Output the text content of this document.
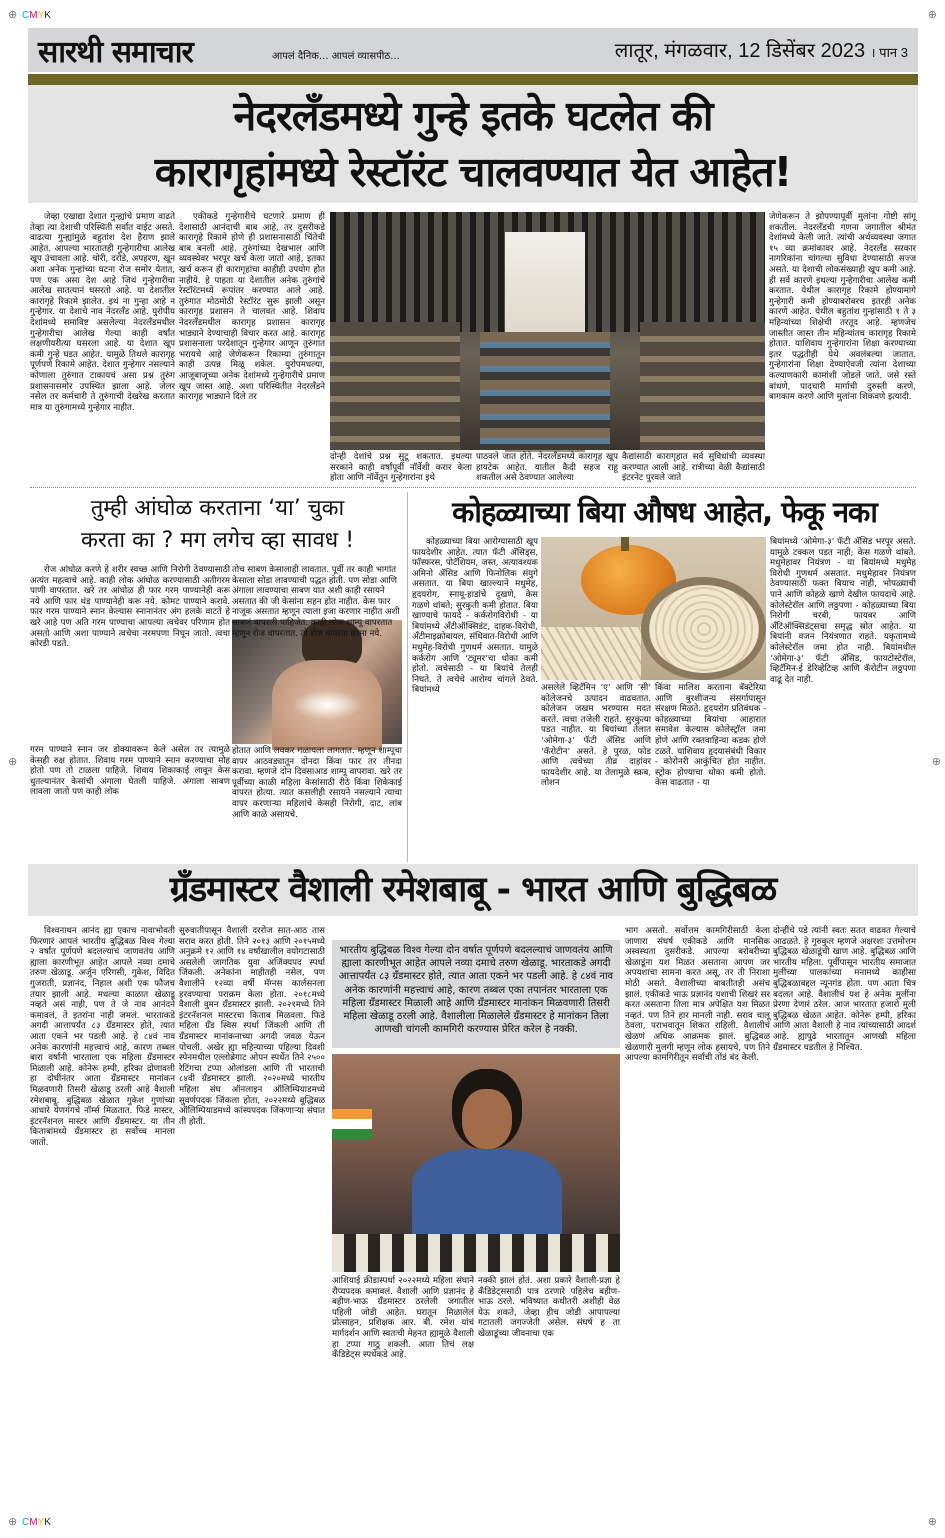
⊕ CMYK	⊕
⊕	⊕
⊕ CMYK	⊕
सारथी समाचार	आपलं दैनिक... आपलं व्यासपीठ...	लातूर, मंगळवार, 12 डिसेंबर 2023 । पान 3
नेदरलँडमध्ये गुन्हे इतके घटलेत की
कारागृहांमध्ये रेस्टॉरंट चालवण्यात येत आहेत!
जेव्हा एखाद्या देशात गुन्ह्यांचे प्रमाण वाढते तेव्हा त्या देशाची परिस्थिती सर्वांत वाईट असते. वाढत्या गुन्ह्यांमुळे बहुतांश देश हैराण झाले आहेत. आपल्या भारतातही गुन्हेगारीचा आलेख खूप उंचावला आहे. चोरी, दरोडे, अपहरण, खून अशा अनेक गुन्हांच्या घटना रोज समोर येतात, पण एक असा देश आहे जिथं गुन्हेगारीचा आलेख सातत्यानं घसरतो आहे. या देशातील कारागृहे रिकामे झालेत. इथं ना गुन्हा आहे न गुन्हेगार. या देशाचे नाव नेदरलँड आहे. युरोपीय देशांमध्ये समाविष्ट असलेल्या नेदरलँडमधील गुन्हेगारीचा आलेख गेल्या काही वर्षांत लक्षणीयरीत्या घसरला आहे. या देशात खूप कमी गुन्हे घडत आहेत. यामुळे तिथले कारागृह पूर्णपणे रिकामे आहेत. देशात गुन्हेगार नसल्याने कोणाला तुरुंगात टाकायचं असा प्रश्न तुरुंग प्रशासनासमोर उपस्थित झाला आहे. जेलर नसेल तर कर्मचारी ते तुरुंगाची देखरेख करतात मात्र या तुरुंगामध्ये गुन्हेगार नाहीत.
एकीकडे गुन्हेगारीचे घटणारे प्रमाण ही देशासाठी आनंदाची बाब आहे, तर दुसरीकडे कारागृहे रिकामे होणे ही प्रशासनासाठी चिंतेची बाब बनली आहे. तुरुंगांच्या देखभाल आणि व्यवस्थेवर भरपूर खर्च केला जातो आहे, इतका खर्च करून ही कारागृहांचा काहीही उपयोग होत नाहीये. हे पाहता या देशातील अनेक तुरुंगांचे रेस्टॉरंटमध्ये रूपांतर करण्यात आले आहे. तुरुंगात मोठमोठी रेस्टॉरंट सुरू झाली असून कारागृह प्रशासन ते चालवत आहे. शिवाय नेदरलँडमधील कारागृह प्रशासन कारागृह भाड्याने देण्याचाही विचार करत आहे. कारागृह प्रशासनाला परदेशातून गुन्हेगार आणून तुरुंगात भरायचे आहे जेणेकरून रिकाम्या तुरुंगातून काही उत्पन्न मिळू शकेल. युरोपमधल्या, आजूबाजूच्या अनेक देशांमध्ये गुन्हेगारीचे प्रमाण खूप जास्त आहे. अशा परिस्थितीत नेदरलँडने कारागृह भाड्याने दिले तर
दोन्ही देशांचे प्रश्न सुटू शकतात. इथल्या सरकाने काही वर्षांपूर्वी नॉर्वेशी करार केला होता आणि नॉर्वेतून गुन्हेगारांना इथे
पाठवले जात होते. नेदरलँडमध्ये कारागृह खूप हायटेक आहेत. यातील कैदी सहज राहू शकतील असे ठेवण्यात आलेल्या
कैद्यांसाठी कारागृहात सर्व सुविधांची व्यवस्था करण्यात आली आहे. रात्रीच्या वेळी कैद्यांसाठी इंटरनेट पुरवले जाते
जेणेकरून ते झोपण्यापूर्वी मुलांना गोष्टी सांगू शकतील. नेदरलँडची गणना जगातील श्रीमंत देशांमध्ये केली जाते. त्यांची अर्थव्यवस्था जगात १५ व्या क्रमांकावर आहे. नेदरलँड सरकार नागरिकांना चांगल्या सुविधा देण्यासाठी सज्ज असते. या देशाची लोकसंख्याही खूप कमी आहे. ही सर्व कारणे इथल्या गुन्हेगारीचा आलेख कमी करतात. येथील कारागृह रिकामे होण्यामागे गुन्हेगारी कमी होण्याबरोबरच इतरही अनेक कारणे आहेत. येथील बहुतांश गुन्हांसाठी १ ते ३ महिन्यांच्या शिक्षेची तरतूद आहे. म्हणजेच जास्तीत जास्त तीन महिन्यांतच कारागृह रिकामे होतात. याशिवाय गुन्हेगारांना शिक्षा करण्याच्या इतर पद्धतीही येथे अवलंबल्या जातात. गुन्हेगारांना शिक्षा देण्याऐवजी त्यांना देशाच्या कल्याणकारी कामांशी जोडले जाते. जसे रस्ते बांधणे, पादचारी मार्गाची दुरुस्ती करणे, बागकाम करणे आणि मुलांना शिकवणे इत्यादी.
तुम्ही आंघोळ करताना ‘या’ चुका
करता का ? मग लगेच व्हा सावध !
रोज आंघोळ करणे हे शरीर स्वच्छ आणि निरोगी ठेवण्यासाठी अत्यंत महत्वाचे आहे. काही लोक आंघोळ करण्यासाठी अतीगरम पाणी वापरतात. खरे तर आंघोळ ही फार गरम पाण्यानेही करू नये आणि फार थंड पाण्यानेही करू नये. कोमट पाण्याने करावे. फार गरम पाण्याने स्नान केल्यास स्नानानंतर अंग हलके वाटते हे खरे आहे पण अति गरम पाण्याचा आपल्या त्वचेवर परिणाम होत असतो आणि अशा पाण्याने त्वचेचा नरमपणा निघून जातो. त्वचा कोरडी पडते.
गरम पाण्याने स्नान जर डोक्यावरून केले असेल तर त्यामुळे केसही रुक्ष होतात. शिवाय गरम पाण्याने स्नान करण्याचा मोह होतो पण तो टाळला पाहिजे. शिवाय शिकाकाई लावून केस धुतल्यानंतर केसांची अंगाला घेतली पाहिजे. अंगाला साबण लावला जातो पण काही लोक
तोच साबण केसालाही लावतात. पूर्वी तर काही भागांत केसाला सोडा लावण्याची पद्धत होती. पण सोडा आणि अंगाला लावण्याचा साबण यात अशी काही रसायने असतात की जी केसांना सहन होत नाहीत. केस फार नाजूक असतात म्हणून त्याला इजा करणार नाहीत अशी साबणं वापरली पाहिजेत. काही लोक शाम्पू वापरतात म्हणून रोज वापरतात. तो रोज वापरता कामा नये.
होतात आणि लवकर गळायला लागतात. म्हणून शाम्पूचा वापर आठवड्यातून दोनदा किंवा फार तर तीनदा करावा. म्हणजे दोन दिवसाआड शाम्पू वापरावा. खरे तर पूर्वीच्या काळी महिला केसांसाठी रीठे किंवा शिकेकाई वापरत होत्या. त्यात कसलीही रसायने नसल्याने त्याचा वापर करणाऱ्या महिलांचे केसही निरोगी, दाट, लांब आणि काळे असायचे.
कोहळ्याच्या बिया औषध आहेत, फेकू नका
कोहळ्याच्या बिया आरोग्यासाठी खूप फायदेशीर आहेत. त्यात फॅटी ॲसिड्स, फॉस्फरस, पोटॅशियम, जस्त, अत्यावश्यक अमिनो ॲसिड आणि फिनोलिक संयुगे असतात. या बिया खाल्ल्याने मधुमेह, हृदयरोग, स्नायू-हाडांचे दुखणे, केस गळणे थांबते; सुरकुती कमी होतात. बिया खाण्याचे फायदे - कर्करोगविरोधी - या बियांमध्ये अँटीऑक्सिडंट, दाहक-विरोधी, अँटीमाइक्रोबायल, संधिवात-विरोधी आणि मधुमेह-विरोधी गुणधर्म असतात. यामुळे कर्करोग आणि ‘ट्यूमर’चा धोका कमी होतो. त्वचेसाठी - या बियांचे तेलही निघते. ते त्वचेचे आरोग्य चांगले ठेवते. बियांमध्ये	असलेले व्हिटॅमिन ‘ए’ आणि ‘सी’ कोलेजनचे उत्पादन वाढवतात. कोलेजन जखम भरण्यास मदत करते. त्वचा तजेली राहते. सुरकुत्या पडत नाहीत. या बियांच्या तेलात ‘ओमेगा-३’ फॅटी ॲसिड आणि ‘कॅरोटीन’ असते. हे पुरळ, फोड आणि त्वचेच्या तीव्र दाहांवर फायदेशीर आहे. या तेलामुळे स्क्रब, लोशन
किंवा मालिश करताना बॅक्टेरिया आणि बुरशीजन्य संसर्गापासून संरक्षण मिळते. हृदयरोग प्रतिबंधक - कोहळ्याच्या बियांचा आहारात समावेश केल्यास कोलेस्ट्रॉल जमा होणे आणि रक्तवाहिन्या कडक होणे टळते. याशिवाय हृदयासंबंधी विकार - कोरोनरी आकुंचित होत नाहीत. स्ट्रोक होण्याचा धोका कमी होतो. केस वाढतात - या
बियांमध्ये ‘ओमेगा-३’ फॅटी ॲसिड भरपूर असते. यामुळे टक्कल पडत नाही; केस गळणे थांबते. मधुमेहावर नियंत्रण - या बियांमध्ये मधुमेह विरोधी गुणधर्म असतात. मधुमेहावर नियंत्रण ठेवण्यासाठी फक्त बियाच नाही, भोपळ्याची पाने आणि कोहळे खाणे देखील फायदाचे आहे. कोलेस्टेरॉल आणि लठ्ठपणा - कोहळ्याच्या बिया निरोगी चरबी, फायबर आणि अँटिऑक्सिडंट्सचा समृद्ध स्रोत आहेत. या बियांनी वजन नियंत्रणात राहते. यकृतामध्ये कोलेस्टेरॉल जमा होत नाही. बियांमधील ‘ओमेगा-३’ फॅटी ॲसिड, फायटोस्टेरॉल, व्हिटॅमिन-ई डेरिव्हेटिव्ह आणि कॅरोटीन लठ्ठपणा वाढू देत नाही.
ग्रँडमास्टर वैशाली रमेशबाबू - भारत आणि बुद्धिबळ
विश्वनाथन आनंद ह्या एकाच नावाभोवती फिरणारं आपलं भारतीय बुद्धिबळ विश्व गेल्या २ वर्षांत पूर्णपणे बदलल्याचं जाणवतंय आणि ह्याला कारणीभूत आहेत आपले नव्या दमाचे तरुण खेळाडू. अर्जुन एरिगसी, गुकेश, विदित गुजराती, प्रज्ञानंद, निहाल अशी एक फौजच तयार झाली आहे. मधल्या काळात खेळाडू नव्हते असं नाही, पण ते जे नाव आनंदने कमावलं, ते इतरांना नाही जमलं. भारताकडे अगदी आत्तापर्यंत ८३ ग्रँडमास्टर होते, त्यात आता एकने भर पडली आहे. हे ८४वं नाव अनेक कारणांनी महत्त्वाचं आहे, कारण तब्बल बारा वर्षांनी भारताला एक महिला ग्रँडमास्टर मिळाली आहे. कोनेरू हम्पी, हरिका द्रोणावली हा दोघींनंतर आता ग्रँडमास्टर मानांकन मिळवणारी तिसरी खेळाडू ठरली आहे वैशाली रमेशबाबू. बुद्धिबळ खेळात गुकेश गुणांच्या आधारे येणगंगचे नॉर्म्स मिळतात. फिडे मास्टर, इंटरनॅशनल मास्टर आणि ग्रँडमास्टर. या तीन किताबांमध्ये ग्रँडमास्टर हा सर्वोच्च मानला जातो.
सुरुवातीपासून वैशाली दररोज सात-आठ तास सराव करत होती. तिने २०१३ आणि २०१५मध्ये अनुक्रमे १२ आणि १४ वर्षांखालील वयोगटासाठी असलेली जागतिक युवा अजिंक्यपद स्पर्धा जिंकली. अनेकांना माहीतही नसेल, पण वैशालीने १२व्या वर्षी मॅग्नस कार्लसनला हरवण्याचा पराक्रम केला होता. २०१८मध्ये वैशाली वुमन ग्रँडमास्टर झाली. २०२१मध्ये तिने इंटरनॅशनल मास्टरचा किताब मिळवला. फिडे महिला ग्रँड स्विस स्पर्धा जिंकली आणि ती ग्रँडमास्टर मानांकनाच्या अगदी जवळ येऊन पोचली. अखेर ह्या महिन्याच्या पहिल्या दिवशी स्पेनमधील एल्लोब्रेगाट ओपन स्पर्धेत तिने २५०० रेटिंगचा टप्पा ओलांडला आणि ती भारताची ८४वी ग्रँडमास्टर झाली. २०२०मध्ये भारतीय महिला संघ ऑनलाइन ऑलिम्पियाडमध्ये सुवर्णपदक जिंकला होता, २०२२मध्ये बुद्धिबळ ऑलिम्पियाडमध्ये कांस्यपदक जिंकणाऱ्या संघात ती होती.
भारतीय बुद्धिबळ विश्व गेल्या दोन वर्षात पूर्णपणे बदलल्याचं जाणवतंय आणि ह्याला कारणीभूत आहेत आपले नव्या दमाचे तरुण खेळाडू. भारताकडे अगदी आत्तापर्यंत ८३ ग्रँडमास्टर होते, त्यात आता एकने भर पडली आहे. हे ८४वं नाव अनेक कारणांनी महत्त्वाचं आहे, कारण तब्बल एका तपानंतर भारताला एक महिला ग्रँडमास्टर मिळाली आहे आणि ग्रँडमास्टर मानांकन मिळवणारी तिसरी महिला खेळाडू ठरली आहे. वैशालीला मिळालेले ग्रँडमास्टर हे मानांकन तिला आणखी चांगली कामगिरी करण्यास प्रेरित करेल हे नक्की.
आशियाई क्रीडास्पर्धा २०२२मध्ये महिला संघाने रौप्यपदक कमावलं. वैशाली आणि प्रज्ञानंद हे बहीण-भाऊ ग्रँडमास्टर ठरलेली जगातील पहिली जोडी आहेत. घरातून मिळालेलं प्रोत्साहन, प्रशिक्षक आर. बी. रमेश यांचं मार्गदर्शन आणि स्वतःची मेहनत ह्यामुळे वैशाली हा टप्पा गाठू शकली. आता तिचं लक्ष कँडिडेट्स स्पर्धेकडे आहे.
नक्की झालं होतं. अशा प्रकारे वैशाली-प्रज्ञा हे कँडिडेट्ससाठी पात्र ठरणारे पहिलेच बहीण-भाऊ ठरले. भविष्यात कधीतरी अशीही वेळ येऊ शकते, जेव्हा हीच जोडी आपापल्या गटातली जगज्जेती असेल. संघर्ष ह ता खेळाडूंच्या जीवनाचा एक
भाग असतो. सर्वोत्तम कामगिरीसाठी केला जाणारा संघर्ष एकीकडे आणि मानसिक अस्वस्थता दुसरीकडे. आपल्या बरोबरीच्या खेळाडूंना यश मिळत असताना आपण जर अपयशाचा सामना करत असू, तर ती निराशा मोठी असते. वैशालीच्या बाबतीतही असंच झालं. एकीकडे भाऊ प्रज्ञानंद यशाची शिखरं सर करत असताना तिला मात्र अपेक्षित यश मिळत नव्हतं. पण तिने हार मानली नाही. सराव चालू ठेवला, पराभवातून शिकत राहिली. वैशालीचं खेळणं अधिक आक्रमक झालं. बुद्धिबळ खेळणारी मुलगी म्हणून लोक हसायचे, पण तिने आपल्या कामगिरीतून सर्वांची तोंडं बंद केली.
दोन्हींचे पडे त्यांनी स्वतः सतत वाढवत गेल्याचे आढळते. हे गुरुकुल म्हणजे अक्षरशः उत्तमोत्तम बुद्धिबळ खेळाडूंची खाण आहे. बुद्धिबळ आणि भारतीय महिला. पूर्वीपासून भारतीय समाजात मुलींच्या पालकांच्या मनामध्ये काहीसा बुद्धिबळाबद्दल न्यूनगंड होता. पण आता चित्र बदलत आहे. वैशालीचं यश हे अनेक मुलींना प्रेरणा देणारं ठरेल. आज भारतात हजारो मुली बुद्धिबळ खेळत आहेत. कोनेरू हम्पी, हरिका आणि आता वैशाली हे नाव त्यांच्यासाठी आदर्श आहे. ह्यापुढे भारतातून आणखी महिला ग्रँडमास्टर घडतील हे निश्चित.
